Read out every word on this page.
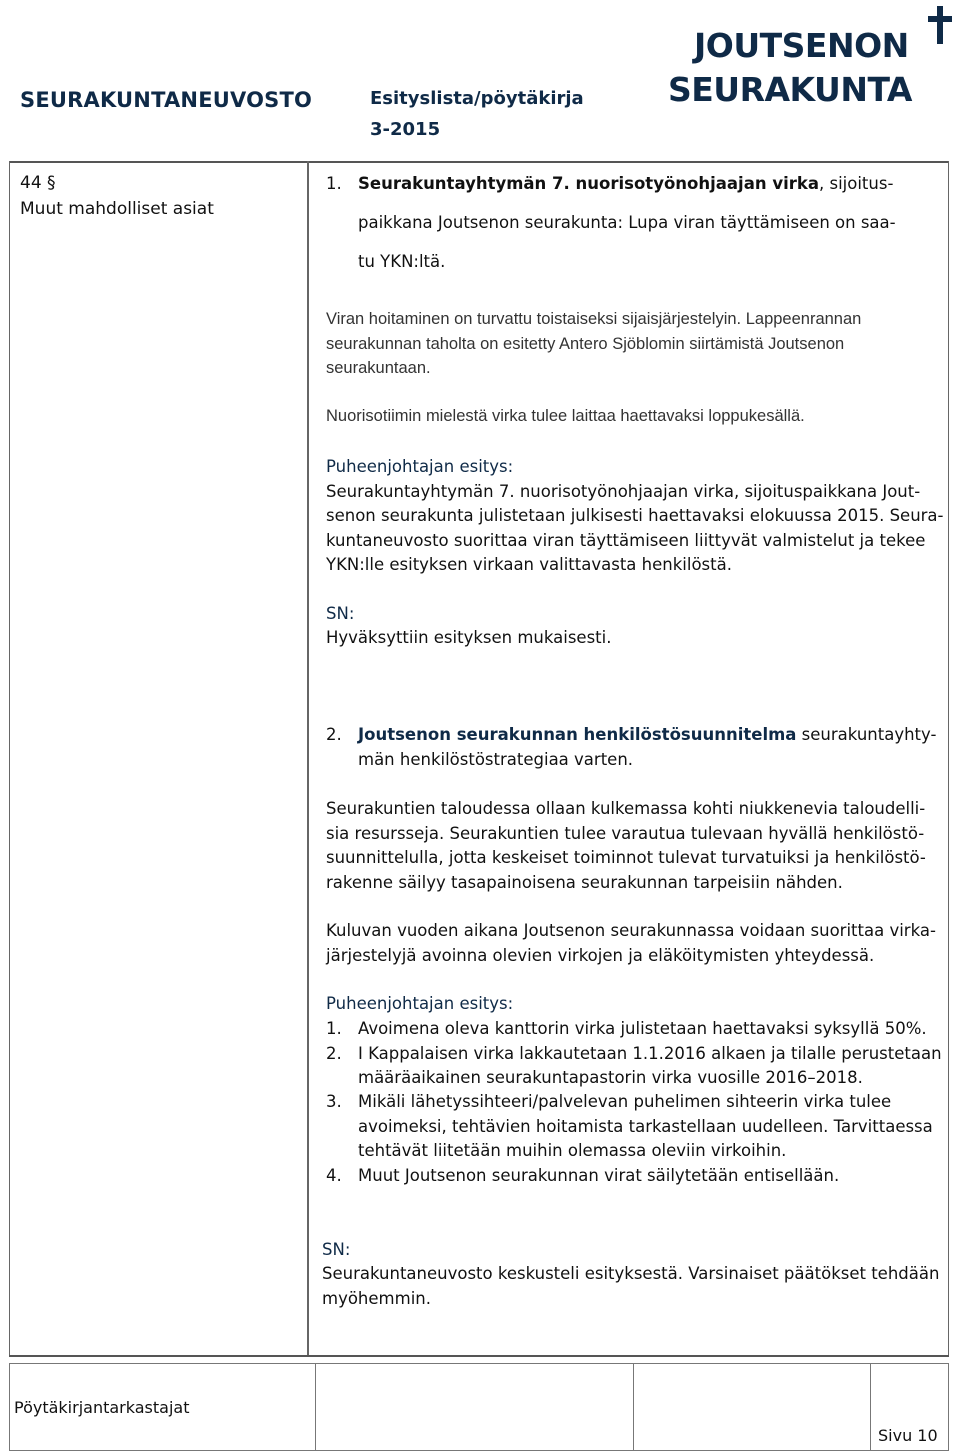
SEURAKUNTANEUVOSTO	Esityslista/pöytäkirja
3-2015
JOUTSENON
SEURAKUNTA
44 §
Muut mahdolliset asiat
1. Seurakuntayhtymän 7. nuorisotyönohjaajan virka, sijoitus-
paikkana Joutsenon seurakunta: Lupa viran täyttämiseen on saa-
tu YKN:ltä.
Viran hoitaminen on turvattu toistaiseksi sijaisjärjestelyin. Lappeenrannan
seurakunnan taholta on esitetty Antero Sjöblomin siirtämistä Joutsenon
seurakuntaan.
Nuorisotiimin mielestä virka tulee laittaa haettavaksi loppukesällä.
Puheenjohtajan esitys:
Seurakuntayhtymän 7. nuorisotyönohjaajan virka, sijoituspaikkana Jout-
senon seurakunta julistetaan julkisesti haettavaksi elokuussa 2015. Seura-
kuntaneuvosto suorittaa viran täyttämiseen liittyvät valmistelut ja tekee
YKN:lle esityksen virkaan valittavasta henkilöstä.
SN:
Hyväksyttiin esityksen mukaisesti.
2. Joutsenon seurakunnan henkilöstösuunnitelma seurakuntayhty-
män henkilöstöstrategiaa varten.
Seurakuntien taloudessa ollaan kulkemassa kohti niukkenevia taloudelli-
sia resursseja. Seurakuntien tulee varautua tulevaan hyvällä henkilöstö-
suunnittelulla, jotta keskeiset toiminnot tulevat turvatuiksi ja henkilöstö-
rakenne säilyy tasapainoisena seurakunnan tarpeisiin nähden.
Kuluvan vuoden aikana Joutsenon seurakunnassa voidaan suorittaa virka-
järjestelyjä avoinna olevien virkojen ja eläköitymisten yhteydessä.
Puheenjohtajan esitys:
1. Avoimena oleva kanttorin virka julistetaan haettavaksi syksyllä 50%.
2. I Kappalaisen virka lakkautetaan 1.1.2016 alkaen ja tilalle perustetaan
määräaikainen seurakuntapastorin virka vuosille 2016–2018.
3. Mikäli lähetyssihteeri/palvelevan puhelimen sihteerin virka tulee
avoimeksi, tehtävien hoitamista tarkastellaan uudelleen. Tarvittaessa
tehtävät liitetään muihin olemassa oleviin virkoihin.
4. Muut Joutsenon seurakunnan virat säilytetään entisellään.
SN:
Seurakuntaneuvosto keskusteli esityksestä. Varsinaiset päätökset tehdään
myöhemmin.
Pöytäkirjantarkastajat
Sivu 10
